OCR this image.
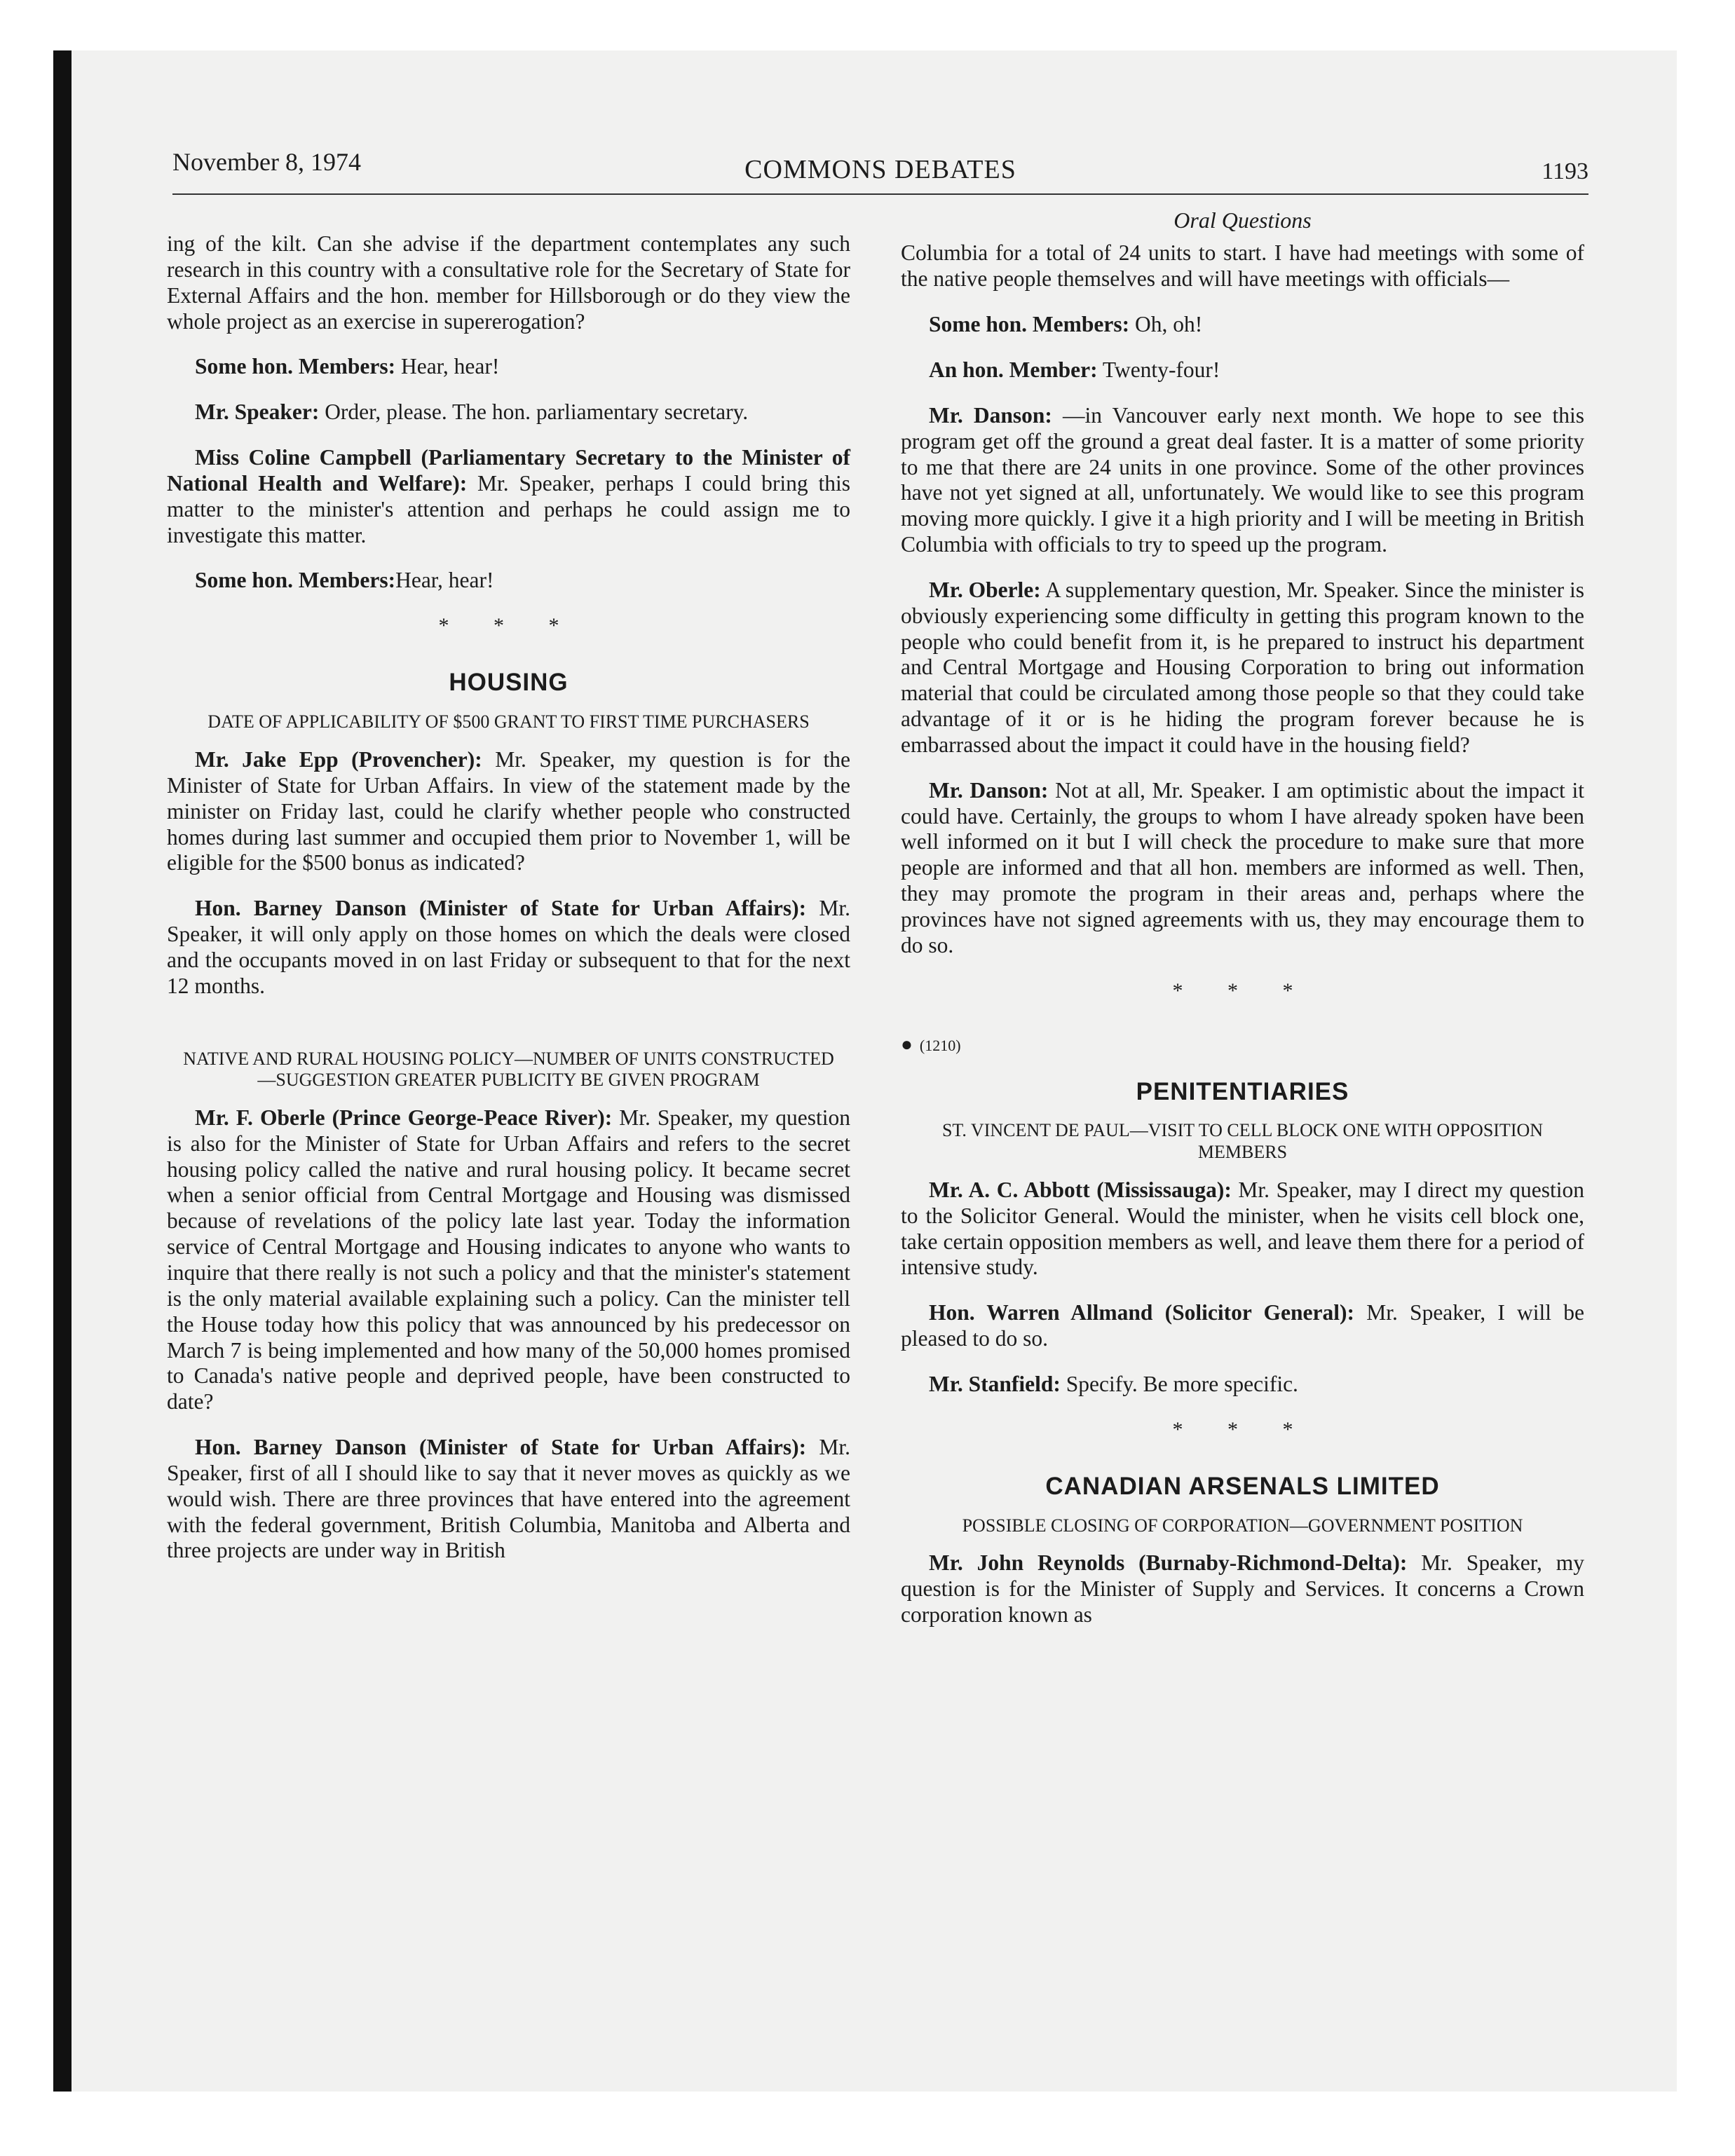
November 8, 1974	COMMONS DEBATES	1193

ing of the kilt. Can she advise if the department contemplates any such research in this country with a consultative role for the Secretary of State for External Affairs and the hon. member for Hillsborough or do they view the whole project as an exercise in supererogation?

Some hon. Members: Hear, hear!

Mr. Speaker: Order, please. The hon. parliamentary secretary.

Miss Coline Campbell (Parliamentary Secretary to the Minister of National Health and Welfare): Mr. Speaker, perhaps I could bring this matter to the minister's attention and perhaps he could assign me to investigate this matter.

Some hon. Members:Hear, hear!

* * *
HOUSING
DATE OF APPLICABILITY OF $500 GRANT TO FIRST TIME PURCHASERS

Mr. Jake Epp (Provencher): Mr. Speaker, my question is for the Minister of State for Urban Affairs. In view of the statement made by the minister on Friday last, could he clarify whether people who constructed homes during last summer and occupied them prior to November 1, will be eligible for the $500 bonus as indicated?

Hon. Barney Danson (Minister of State for Urban Affairs): Mr. Speaker, it will only apply on those homes on which the deals were closed and the occupants moved in on last Friday or subsequent to that for the next 12 months.

NATIVE AND RURAL HOUSING POLICY—NUMBER OF UNITS CONSTRUCTED—SUGGESTION GREATER PUBLICITY BE GIVEN PROGRAM

Mr. F. Oberle (Prince George-Peace River): Mr. Speaker, my question is also for the Minister of State for Urban Affairs and refers to the secret housing policy called the native and rural housing policy. It became secret when a senior official from Central Mortgage and Housing was dismissed because of revelations of the policy late last year. Today the information service of Central Mortgage and Housing indicates to anyone who wants to inquire that there really is not such a policy and that the minister's statement is the only material available explaining such a policy. Can the minister tell the House today how this policy that was announced by his predecessor on March 7 is being implemented and how many of the 50,000 homes promised to Canada's native people and deprived people, have been constructed to date?

Hon. Barney Danson (Minister of State for Urban Affairs): Mr. Speaker, first of all I should like to say that it never moves as quickly as we would wish. There are three provinces that have entered into the agreement with the federal government, British Columbia, Manitoba and Alberta and three projects are under way in British

Oral Questions

Columbia for a total of 24 units to start. I have had meetings with some of the native people themselves and will have meetings with officials—

Some hon. Members: Oh, oh!

An hon. Member: Twenty-four!

Mr. Danson: —in Vancouver early next month. We hope to see this program get off the ground a great deal faster. It is a matter of some priority to me that there are 24 units in one province. Some of the other provinces have not yet signed at all, unfortunately. We would like to see this program moving more quickly. I give it a high priority and I will be meeting in British Columbia with officials to try to speed up the program.

Mr. Oberle: A supplementary question, Mr. Speaker. Since the minister is obviously experiencing some difficulty in getting this program known to the people who could benefit from it, is he prepared to instruct his department and Central Mortgage and Housing Corporation to bring out information material that could be circulated among those people so that they could take advantage of it or is he hiding the program forever because he is embarrassed about the impact it could have in the housing field?

Mr. Danson: Not at all, Mr. Speaker. I am optimistic about the impact it could have. Certainly, the groups to whom I have already spoken have been well informed on it but I will check the procedure to make sure that more people are informed and that all hon. members are informed as well. Then, they may promote the program in their areas and, perhaps where the provinces have not signed agreements with us, they may encourage them to do so.

* * *
● (1210)
PENITENTIARIES
ST. VINCENT DE PAUL—VISIT TO CELL BLOCK ONE WITH OPPOSITION MEMBERS

Mr. A. C. Abbott (Mississauga): Mr. Speaker, may I direct my question to the Solicitor General. Would the minister, when he visits cell block one, take certain opposition members as well, and leave them there for a period of intensive study.

Hon. Warren Allmand (Solicitor General): Mr. Speaker, I will be pleased to do so.

Mr. Stanfield: Specify. Be more specific.

* * *
CANADIAN ARSENALS LIMITED
POSSIBLE CLOSING OF CORPORATION—GOVERNMENT POSITION

Mr. John Reynolds (Burnaby-Richmond-Delta): Mr. Speaker, my question is for the Minister of Supply and Services. It concerns a Crown corporation known as
